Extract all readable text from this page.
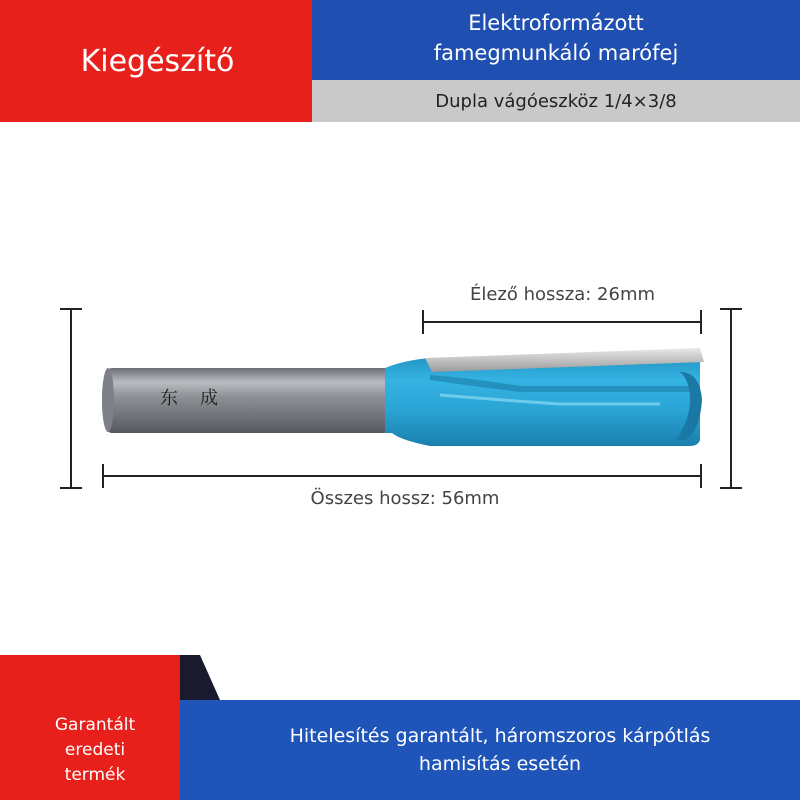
Kiegészítő
Elektroformázott
famegmunkáló marófej
Dupla vágóeszköz 1/4×3/8
东 成
Élező hossza: 26mm
Összes hossz: 56mm
Garantált
eredeti
termék
Hitelesítés garantált, háromszoros kárpótlás
hamisítás esetén
